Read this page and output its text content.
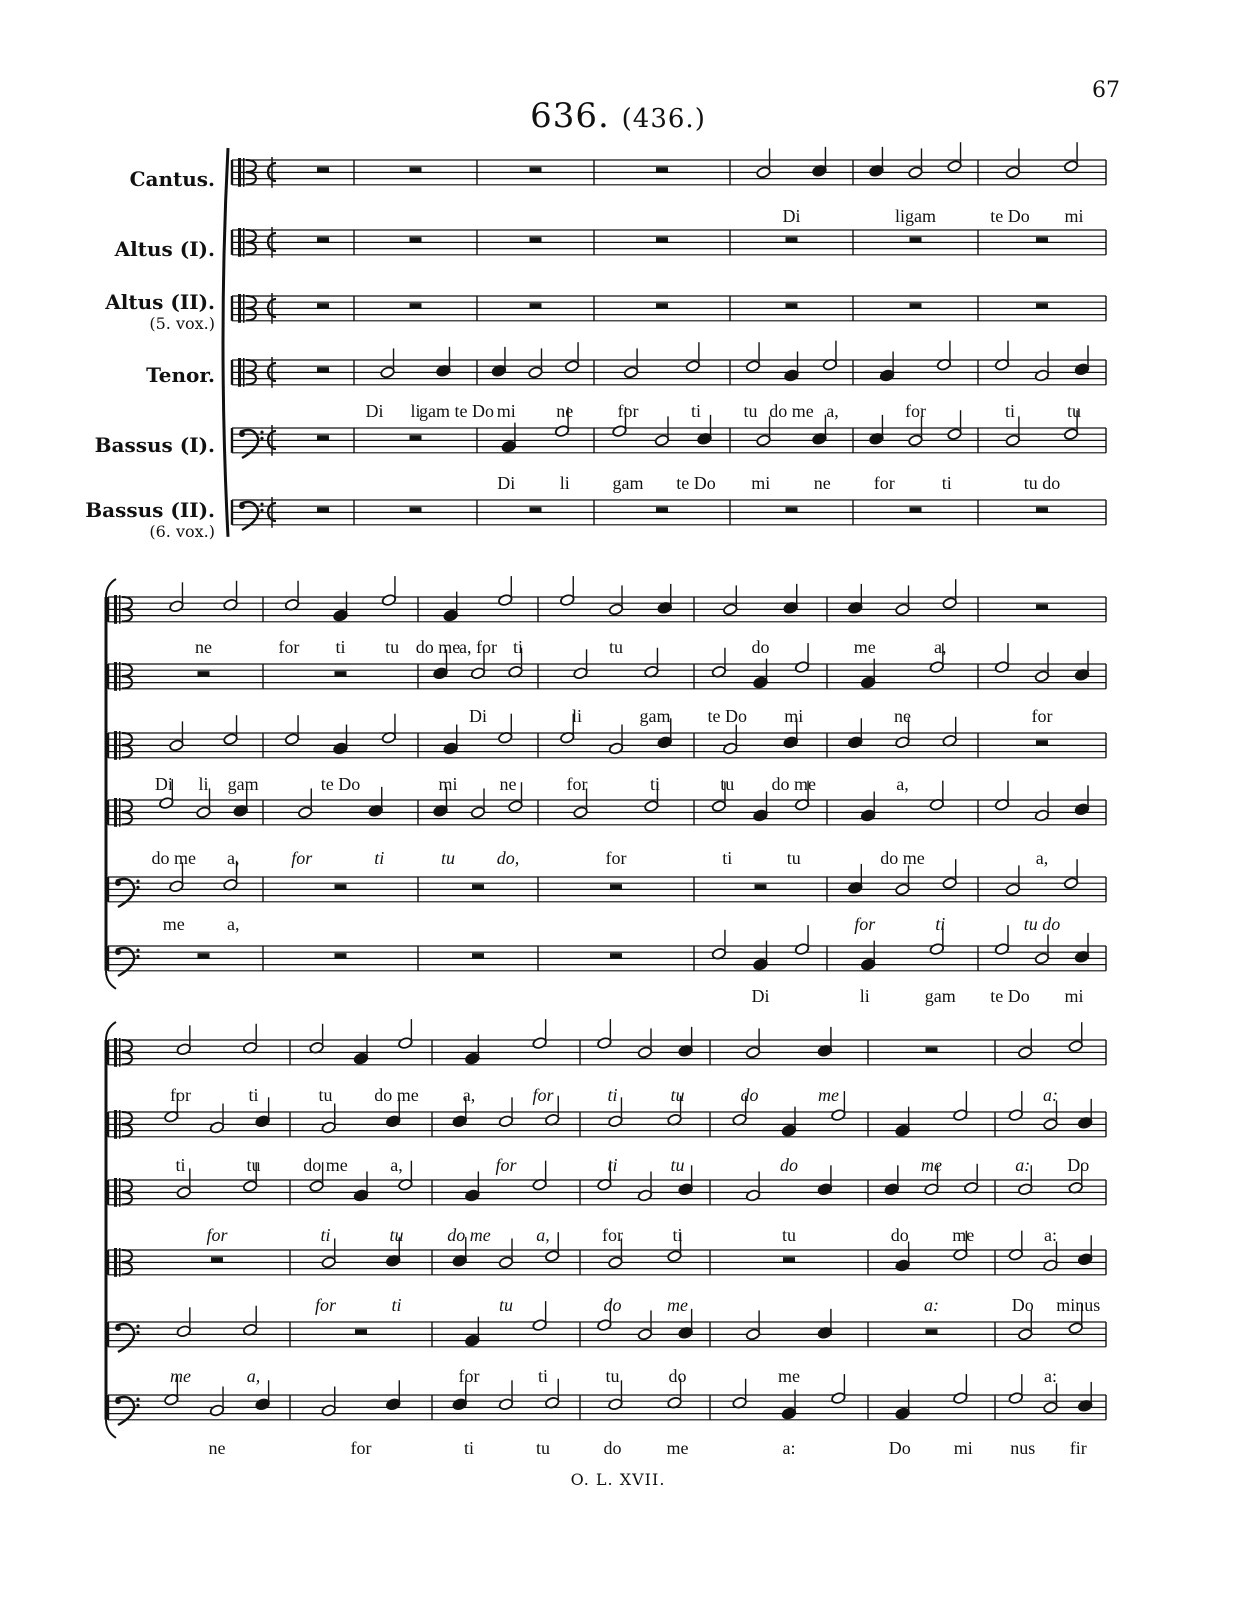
67
636. (436.)
Cantus.
Altus (I).
Altus (II).
(5. vox.)
Tenor.
Bassus (I).
Bassus (II).
(6. vox.)
Di	ligam	te Do mi
Di li
gam te Do mi ne for	ti tu do me a,	for	ti	tu
Di li gam te Do mi ne for	ti	tu do
ne	for ti tu do me
a, for ti	tu	do	me	a,
Di	li	gam te Do mi	ne	for
Di li gam	te Do	mi ne	for	ti	tu do me	a,
do me a,	for	ti	tu do,	for	ti	tu	do me	a,
me a,	for	ti	tu do
Di	li	gam te Do mi
for	ti	tu do me a,	for	ti	tu	do	me	a:
ti	tu do me a,	for	ti	tu	do	me	a: Do
for	ti	tu do me	a,	for	ti	tu	do me	a:
for	ti	tu	do	me	a:	Do minus
me	a,	for	ti	tu	do	me	a:
ne	for	ti	tu	do	me	a:	Do mi nus fir
O. L. XVII.
